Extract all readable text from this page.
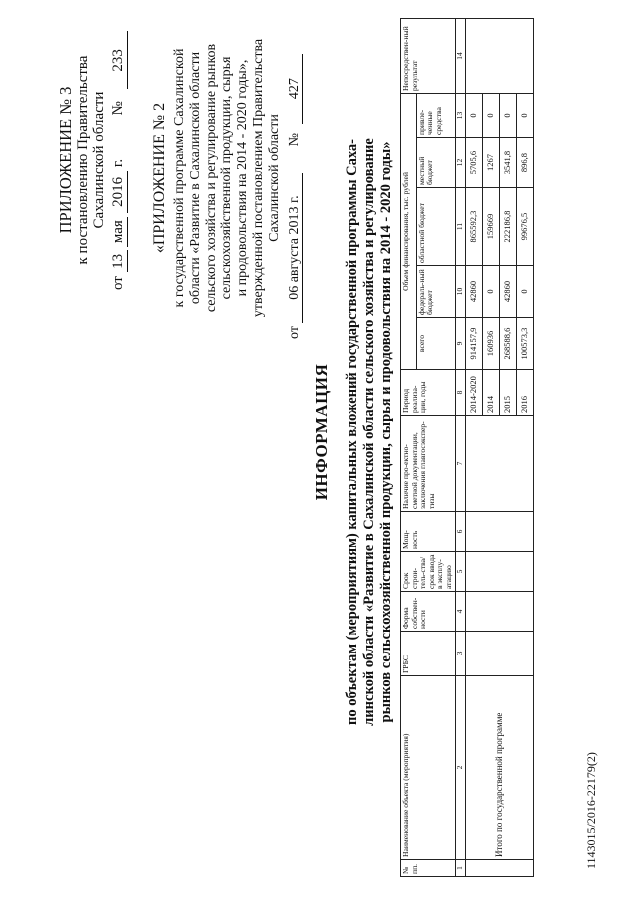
ПРИЛОЖЕНИЕ № 3 к постановлению Правительства Сахалинской области
от 13 мая 2016 г. № 233
«ПРИЛОЖЕНИЕ № 2 к государственной программе Сахалинской области «Развитие в Сахалинской области сельского хозяйства и регулирование рынков сельскохозяйственной продукции, сырья и продовольствия на 2014 - 2020 годы», утвержденной постановлением Правительства Сахалинской области
от 06 августа 2013 г. № 427
ИНФОРМАЦИЯ по объектам (мероприятиям) капитальных вложений государственной программы Саха- линской области «Развитие в Сахалинской области сельского хозяйства и регулирование рынков сельскохозяйственной продукции, сырья и продовольствия на 2014 - 2020 годы»
№ пп.	Наименование объекта (мероприятия)	ГРБС	Форма собствен-ности	Срок строи-тель-ства/ срок ввода в эксплу-атацию	Мощ-ность	Наличие про-ектно-сметной документации, заключения главгосэкспер-тизы	Период реализа-ции, годы	Объем финансирования, тыс. рублей					Непосредствен-ный результат
								всего	федераль-ный бюджет	областной бюджет	местный бюджет	привле-ченные средства	
1	2	3	4	5	6	7	8	9	10	11	12	13	14
	Итого по государственной программе						2014-2020	914157,9	42860	865592,3	5705,6	0	
							2014	160936	0	159669	1267	0	
							2015	268588,6	42860	222186,8	3541,8	0	
							2016	100573,3	0	99676,5	896,8	0	
1143015/2016-22179(2)
